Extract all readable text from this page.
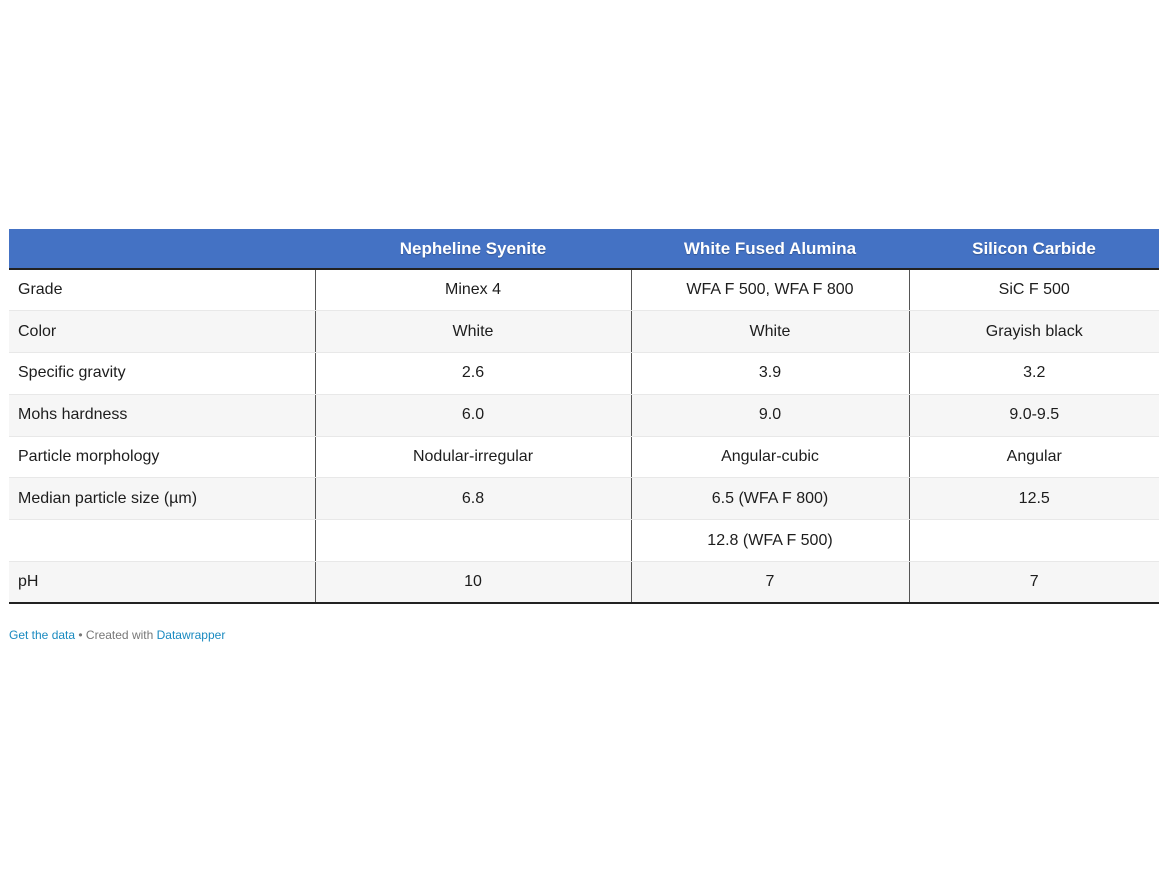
	Nepheline Syenite	White Fused Alumina	Silicon Carbide
Grade	Minex 4	WFA F 500, WFA F 800	SiC F 500
Color	White	White	Grayish black
Specific gravity	2.6	3.9	3.2
Mohs hardness	6.0	9.0	9.0-9.5
Particle morphology	Nodular-irregular	Angular-cubic	Angular
Median particle size (µm)	6.8	6.5 (WFA F 800)	12.5
		12.8 (WFA F 500)	
pH	10	7	7
Get the data • Created with Datawrapper
